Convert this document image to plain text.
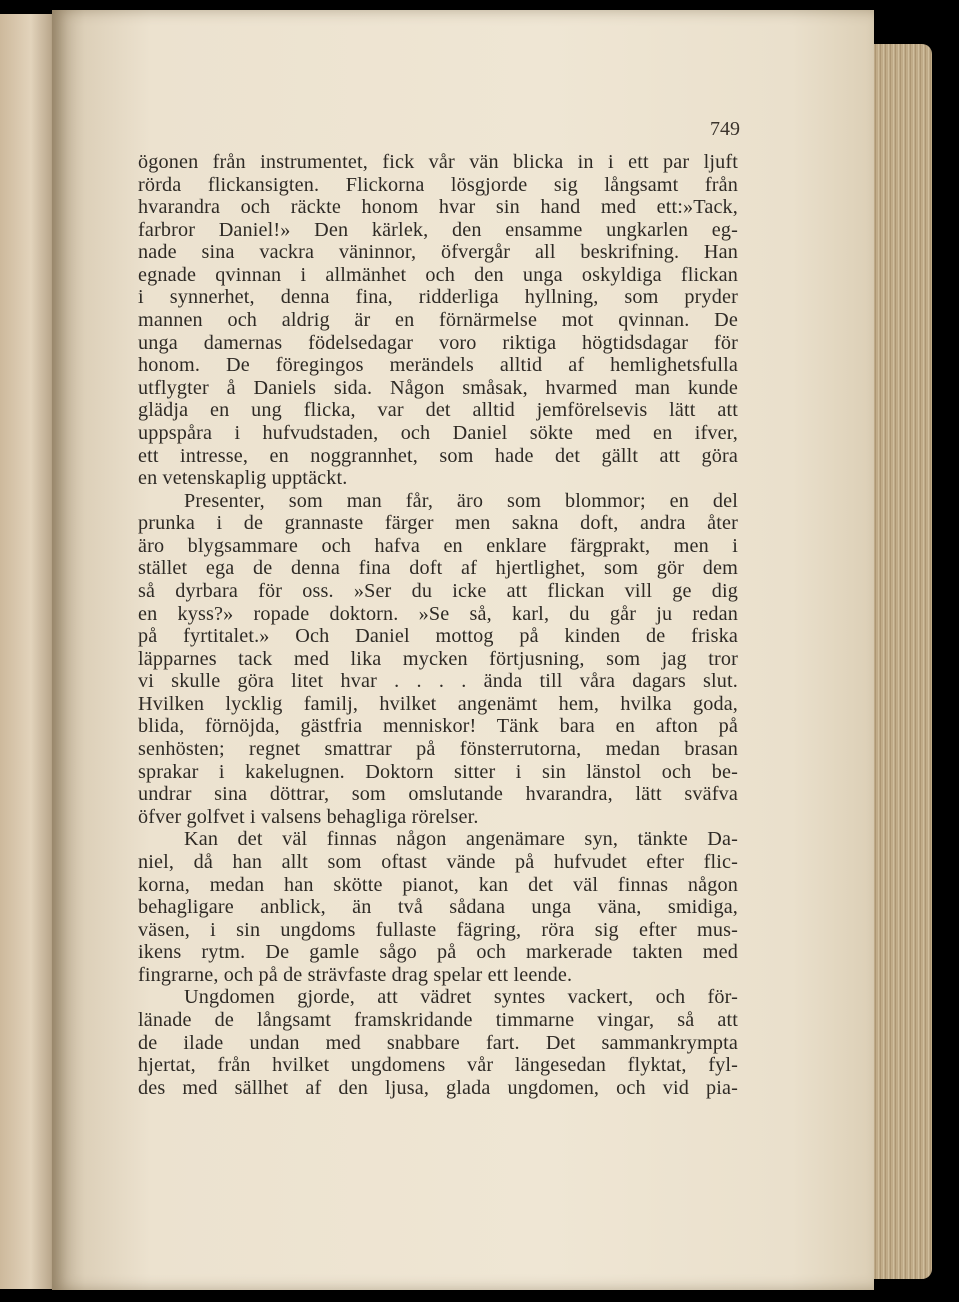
749
ögonen från instrumentet, fick vår vän blicka in i ett par ljuft
rörda flickansigten. Flickorna lösgjorde sig långsamt från
hvarandra och räckte honom hvar sin hand med ett:»Tack,
farbror Daniel!» Den kärlek, den ensamme ungkarlen eg-
nade sina vackra väninnor, öfvergår all beskrifning. Han
egnade qvinnan i allmänhet och den unga oskyldiga flickan
i synnerhet, denna fina, ridderliga hyllning, som pryder
mannen och aldrig är en förnärmelse mot qvinnan. De
unga damernas födelsedagar voro riktiga högtidsdagar för
honom. De föregingos merändels alltid af hemlighetsfulla
utflygter å Daniels sida. Någon småsak, hvarmed man kunde
glädja en ung flicka, var det alltid jemförelsevis lätt att
uppspåra i hufvudstaden, och Daniel sökte med en ifver,
ett intresse, en noggrannhet, som hade det gällt att göra
en vetenskaplig upptäckt.
Presenter, som man får, äro som blommor; en del
prunka i de grannaste färger men sakna doft, andra åter
äro blygsammare och hafva en enklare färgprakt, men i
stället ega de denna fina doft af hjertlighet, som gör dem
så dyrbara för oss. »Ser du icke att flickan vill ge dig
en kyss?» ropade doktorn. »Se så, karl, du går ju redan
på fyrtitalet.» Och Daniel mottog på kinden de friska
läpparnes tack med lika mycken förtjusning, som jag tror
vi skulle göra litet hvar . . . . ända till våra dagars slut.
Hvilken lycklig familj, hvilket angenämt hem, hvilka goda,
blida, förnöjda, gästfria menniskor! Tänk bara en afton på
senhösten; regnet smattrar på fönsterrutorna, medan brasan
sprakar i kakelugnen. Doktorn sitter i sin länstol och be-
undrar sina döttrar, som omslutande hvarandra, lätt sväfva
öfver golfvet i valsens behagliga rörelser.
Kan det väl finnas någon angenämare syn, tänkte Da-
niel, då han allt som oftast vände på hufvudet efter flic-
korna, medan han skötte pianot, kan det väl finnas någon
behagligare anblick, än två sådana unga väna, smidiga,
väsen, i sin ungdoms fullaste fägring, röra sig efter mus-
ikens rytm. De gamle sågo på och markerade takten med
fingrarne, och på de strävfaste drag spelar ett leende.
Ungdomen gjorde, att vädret syntes vackert, och för-
länade de långsamt framskridande timmarne vingar, så att
de ilade undan med snabbare fart. Det sammankrympta
hjertat, från hvilket ungdomens vår längesedan flyktat, fyl-
des med sällhet af den ljusa, glada ungdomen, och vid pia-
